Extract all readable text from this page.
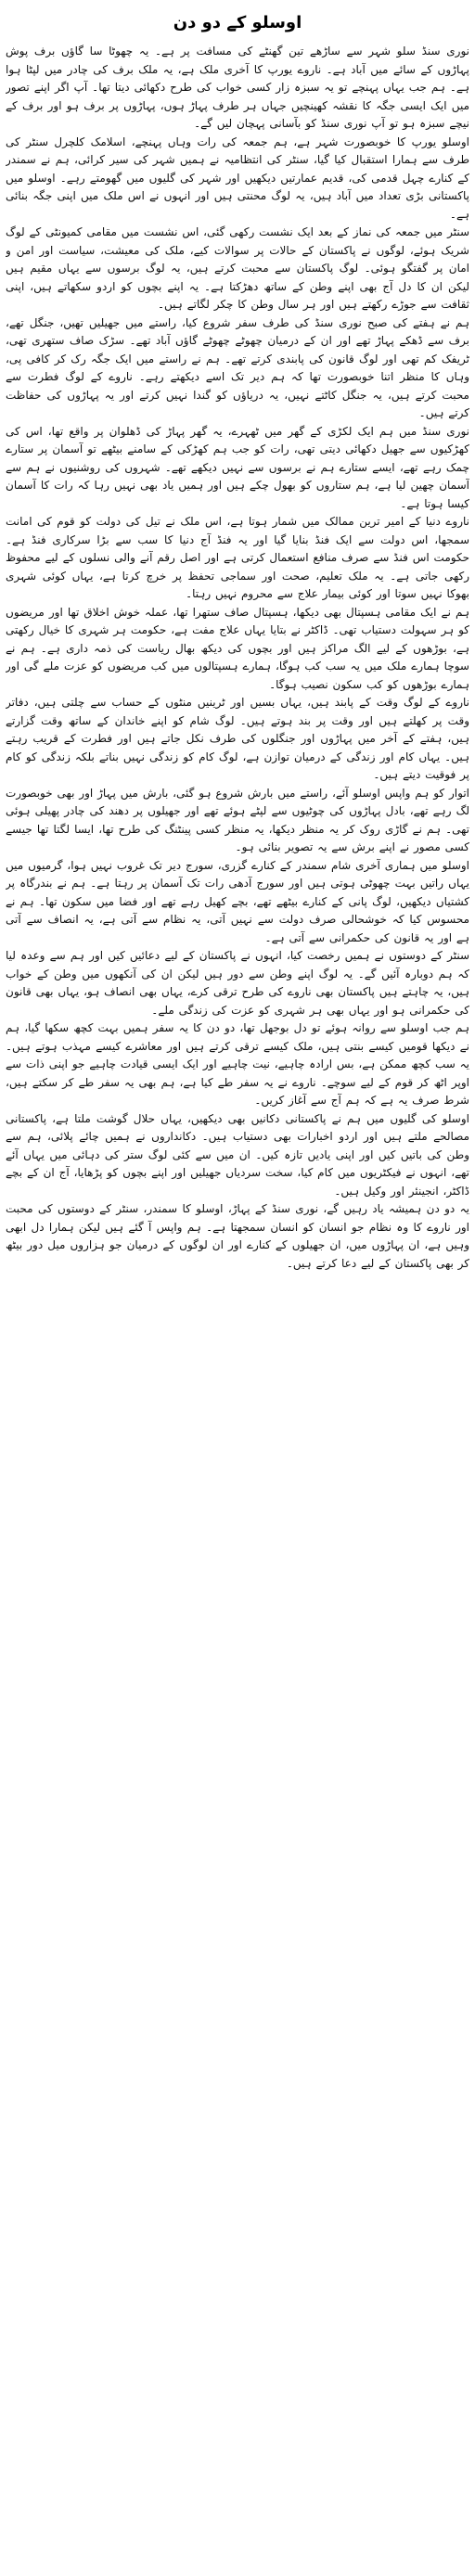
اوسلو کے دو دن

نوری سنڈ سلو شہر سے ساڑھے تین گھنٹے کی مسافت پر ہے۔ یہ چھوٹا سا گاؤں برف پوش پہاڑوں کے سائے میں آباد ہے۔ ناروے یورپ کا آخری ملک ہے، یہ ملک برف کی چادر میں لپٹا ہوا ہے۔ ہم جب یہاں پہنچے تو یہ سبزہ زار کسی خواب کی طرح دکھائی دیتا تھا۔ آپ اگر اپنے تصور میں ایک ایسی جگہ کا نقشہ کھینچیں جہاں ہر طرف پہاڑ ہوں، پہاڑوں پر برف ہو اور برف کے نیچے سبزہ ہو تو آپ نوری سنڈ کو بآسانی پہچان لیں گے۔

اوسلو یورپ کا خوبصورت شہر ہے، ہم جمعہ کی رات وہاں پہنچے، اسلامک کلچرل سنٹر کی طرف سے ہمارا استقبال کیا گیا، سنٹر کی انتظامیہ نے ہمیں شہر کی سیر کرائی، ہم نے سمندر کے کنارے چہل قدمی کی، قدیم عمارتیں دیکھیں اور شہر کی گلیوں میں گھومتے رہے۔ اوسلو میں پاکستانی بڑی تعداد میں آباد ہیں، یہ لوگ محنتی ہیں اور انہوں نے اس ملک میں اپنی جگہ بنائی ہے۔

سنٹر میں جمعہ کی نماز کے بعد ایک نشست رکھی گئی، اس نشست میں مقامی کمیونٹی کے لوگ شریک ہوئے، لوگوں نے پاکستان کے حالات پر سوالات کیے، ملک کی معیشت، سیاست اور امن و امان پر گفتگو ہوئی۔ لوگ پاکستان سے محبت کرتے ہیں، یہ لوگ برسوں سے یہاں مقیم ہیں لیکن ان کا دل آج بھی اپنے وطن کے ساتھ دھڑکتا ہے۔ یہ اپنے بچوں کو اردو سکھاتے ہیں، اپنی ثقافت سے جوڑے رکھتے ہیں اور ہر سال وطن کا چکر لگاتے ہیں۔

ہم نے ہفتے کی صبح نوری سنڈ کی طرف سفر شروع کیا، راستے میں جھیلیں تھیں، جنگل تھے، برف سے ڈھکے پہاڑ تھے اور ان کے درمیان چھوٹے چھوٹے گاؤں آباد تھے۔ سڑک صاف ستھری تھی، ٹریفک کم تھی اور لوگ قانون کی پابندی کرتے تھے۔ ہم نے راستے میں ایک جگہ رک کر کافی پی، وہاں کا منظر اتنا خوبصورت تھا کہ ہم دیر تک اسے دیکھتے رہے۔ ناروے کے لوگ فطرت سے محبت کرتے ہیں، یہ جنگل کاٹتے نہیں، یہ دریاؤں کو گندا نہیں کرتے اور یہ پہاڑوں کی حفاظت کرتے ہیں۔

نوری سنڈ میں ہم ایک لکڑی کے گھر میں ٹھہرے، یہ گھر پہاڑ کی ڈھلوان پر واقع تھا، اس کی کھڑکیوں سے جھیل دکھائی دیتی تھی، رات کو جب ہم کھڑکی کے سامنے بیٹھے تو آسمان پر ستارے چمک رہے تھے، ایسے ستارے ہم نے برسوں سے نہیں دیکھے تھے۔ شہروں کی روشنیوں نے ہم سے آسمان چھین لیا ہے، ہم ستاروں کو بھول چکے ہیں اور ہمیں یاد بھی نہیں رہا کہ رات کا آسمان کیسا ہوتا ہے۔

ناروے دنیا کے امیر ترین ممالک میں شمار ہوتا ہے، اس ملک نے تیل کی دولت کو قوم کی امانت سمجھا، اس دولت سے ایک فنڈ بنایا گیا اور یہ فنڈ آج دنیا کا سب سے بڑا سرکاری فنڈ ہے۔ حکومت اس فنڈ سے صرف منافع استعمال کرتی ہے اور اصل رقم آنے والی نسلوں کے لیے محفوظ رکھی جاتی ہے۔ یہ ملک تعلیم، صحت اور سماجی تحفظ پر خرچ کرتا ہے، یہاں کوئی شہری بھوکا نہیں سوتا اور کوئی بیمار علاج سے محروم نہیں رہتا۔

ہم نے ایک مقامی ہسپتال بھی دیکھا، ہسپتال صاف ستھرا تھا، عملہ خوش اخلاق تھا اور مریضوں کو ہر سہولت دستیاب تھی۔ ڈاکٹر نے بتایا یہاں علاج مفت ہے، حکومت ہر شہری کا خیال رکھتی ہے، بوڑھوں کے لیے الگ مراکز ہیں اور بچوں کی دیکھ بھال ریاست کی ذمہ داری ہے۔ ہم نے سوچا ہمارے ملک میں یہ سب کب ہوگا، ہمارے ہسپتالوں میں کب مریضوں کو عزت ملے گی اور ہمارے بوڑھوں کو کب سکون نصیب ہوگا۔

ناروے کے لوگ وقت کے پابند ہیں، یہاں بسیں اور ٹرینیں منٹوں کے حساب سے چلتی ہیں، دفاتر وقت پر کھلتے ہیں اور وقت پر بند ہوتے ہیں۔ لوگ شام کو اپنے خاندان کے ساتھ وقت گزارتے ہیں، ہفتے کے آخر میں پہاڑوں اور جنگلوں کی طرف نکل جاتے ہیں اور فطرت کے قریب رہتے ہیں۔ یہاں کام اور زندگی کے درمیان توازن ہے، لوگ کام کو زندگی نہیں بناتے بلکہ زندگی کو کام پر فوقیت دیتے ہیں۔

اتوار کو ہم واپس اوسلو آئے، راستے میں بارش شروع ہو گئی، بارش میں پہاڑ اور بھی خوبصورت لگ رہے تھے، بادل پہاڑوں کی چوٹیوں سے لپٹے ہوئے تھے اور جھیلوں پر دھند کی چادر پھیلی ہوئی تھی۔ ہم نے گاڑی روک کر یہ منظر دیکھا، یہ منظر کسی پینٹنگ کی طرح تھا، ایسا لگتا تھا جیسے کسی مصور نے اپنے برش سے یہ تصویر بنائی ہو۔

اوسلو میں ہماری آخری شام سمندر کے کنارے گزری، سورج دیر تک غروب نہیں ہوا، گرمیوں میں یہاں راتیں بہت چھوٹی ہوتی ہیں اور سورج آدھی رات تک آسمان پر رہتا ہے۔ ہم نے بندرگاہ پر کشتیاں دیکھیں، لوگ پانی کے کنارے بیٹھے تھے، بچے کھیل رہے تھے اور فضا میں سکون تھا۔ ہم نے محسوس کیا کہ خوشحالی صرف دولت سے نہیں آتی، یہ نظام سے آتی ہے، یہ انصاف سے آتی ہے اور یہ قانون کی حکمرانی سے آتی ہے۔

سنٹر کے دوستوں نے ہمیں رخصت کیا، انہوں نے پاکستان کے لیے دعائیں کیں اور ہم سے وعدہ لیا کہ ہم دوبارہ آئیں گے۔ یہ لوگ اپنے وطن سے دور ہیں لیکن ان کی آنکھوں میں وطن کے خواب ہیں، یہ چاہتے ہیں پاکستان بھی ناروے کی طرح ترقی کرے، یہاں بھی انصاف ہو، یہاں بھی قانون کی حکمرانی ہو اور یہاں بھی ہر شہری کو عزت کی زندگی ملے۔

ہم جب اوسلو سے روانہ ہوئے تو دل بوجھل تھا، دو دن کا یہ سفر ہمیں بہت کچھ سکھا گیا، ہم نے دیکھا قومیں کیسے بنتی ہیں، ملک کیسے ترقی کرتے ہیں اور معاشرے کیسے مہذب ہوتے ہیں۔ یہ سب کچھ ممکن ہے، بس ارادہ چاہیے، نیت چاہیے اور ایک ایسی قیادت چاہیے جو اپنی ذات سے اوپر اٹھ کر قوم کے لیے سوچے۔ ناروے نے یہ سفر طے کیا ہے، ہم بھی یہ سفر طے کر سکتے ہیں، شرط صرف یہ ہے کہ ہم آج سے آغاز کریں۔

اوسلو کی گلیوں میں ہم نے پاکستانی دکانیں بھی دیکھیں، یہاں حلال گوشت ملتا ہے، پاکستانی مصالحے ملتے ہیں اور اردو اخبارات بھی دستیاب ہیں۔ دکانداروں نے ہمیں چائے پلائی، ہم سے وطن کی باتیں کیں اور اپنی یادیں تازہ کیں۔ ان میں سے کئی لوگ ستر کی دہائی میں یہاں آئے تھے، انہوں نے فیکٹریوں میں کام کیا، سخت سردیاں جھیلیں اور اپنے بچوں کو پڑھایا، آج ان کے بچے ڈاکٹر، انجینئر اور وکیل ہیں۔

یہ دو دن ہمیشہ یاد رہیں گے، نوری سنڈ کے پہاڑ، اوسلو کا سمندر، سنٹر کے دوستوں کی محبت اور ناروے کا وہ نظام جو انسان کو انسان سمجھتا ہے۔ ہم واپس آ گئے ہیں لیکن ہمارا دل ابھی وہیں ہے، ان پہاڑوں میں، ان جھیلوں کے کنارے اور ان لوگوں کے درمیان جو ہزاروں میل دور بیٹھ کر بھی پاکستان کے لیے دعا کرتے ہیں۔
